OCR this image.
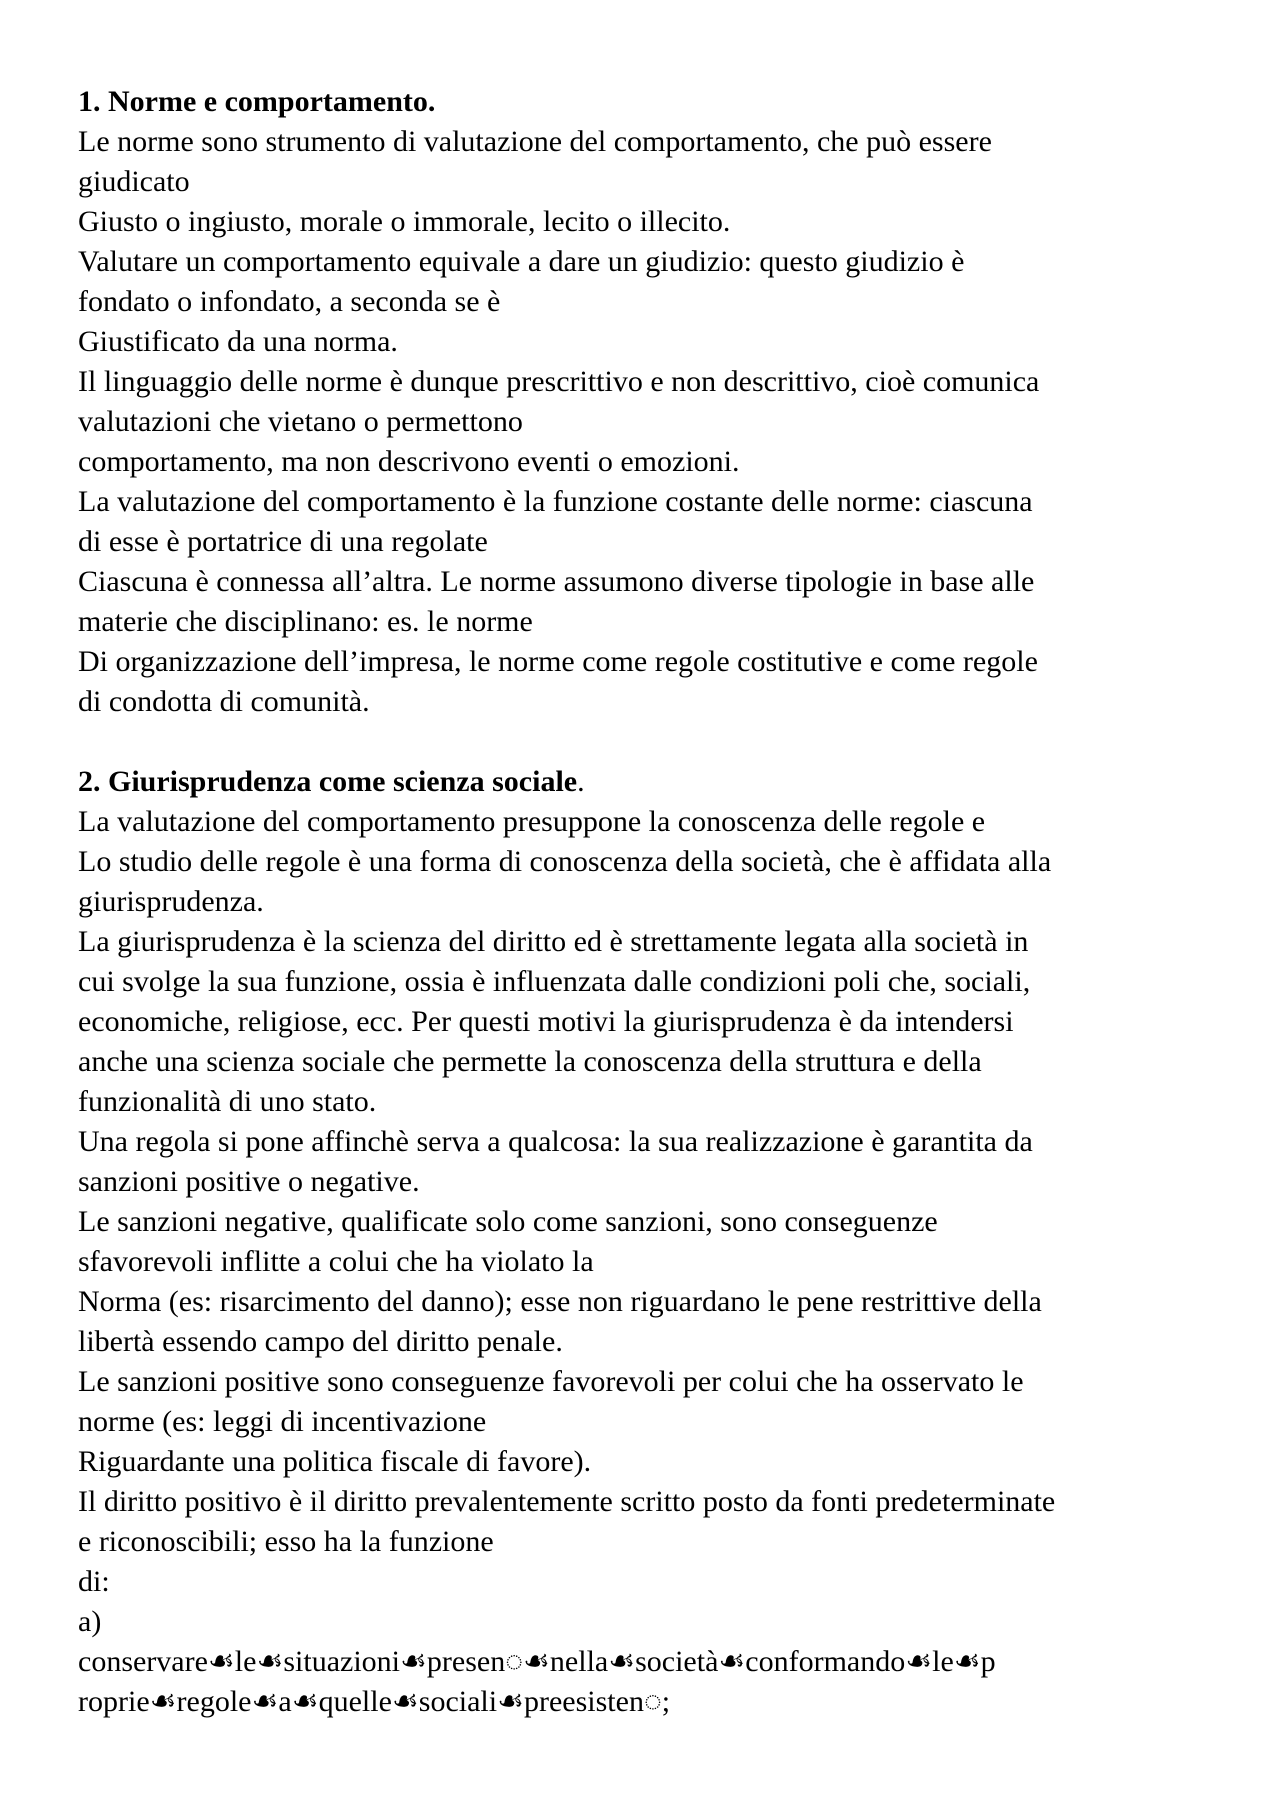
1. Norme e comportamento.
Le norme sono strumento di valutazione del comportamento, che può essere
giudicato
Giusto o ingiusto, morale o immorale, lecito o illecito.
Valutare un comportamento equivale a dare un giudizio: questo giudizio è
fondato o infondato, a seconda se è
Giustificato da una norma.
Il linguaggio delle norme è dunque prescrittivo e non descrittivo, cioè comunica
valutazioni che vietano o permettono
comportamento, ma non descrivono eventi o emozioni.
La valutazione del comportamento è la funzione costante delle norme: ciascuna
di esse è portatrice di una regolate
Ciascuna è connessa all’altra. Le norme assumono diverse tipologie in base alle
materie che disciplinano: es. le norme
Di organizzazione dell’impresa, le norme come regole costitutive e come regole
di condotta di comunità.
2. Giurisprudenza come scienza sociale.
La valutazione del comportamento presuppone la conoscenza delle regole e
Lo studio delle regole è una forma di conoscenza della società, che è affidata alla
giurisprudenza.
La giurisprudenza è la scienza del diritto ed è strettamente legata alla società in
cui svolge la sua funzione, ossia è influenzata dalle condizioni poli che, sociali,
economiche, religiose, ecc. Per questi motivi la giurisprudenza è da intendersi
anche una scienza sociale che permette la conoscenza della struttura e della
funzionalità di uno stato.
Una regola si pone affinchè serva a qualcosa: la sua realizzazione è garantita da
sanzioni positive o negative.
Le sanzioni negative, qualificate solo come sanzioni, sono conseguenze
sfavorevoli inflitte a colui che ha violato la
Norma (es: risarcimento del danno); esse non riguardano le pene restrittive della
libertà essendo campo del diritto penale.
Le sanzioni positive sono conseguenze favorevoli per colui che ha osservato le
norme (es: leggi di incentivazione
Riguardante una politica fiscale di favore).
Il diritto positivo è il diritto prevalentemente scritto posto da fonti predeterminate
e riconoscibili; esso ha la funzione
di:
a)
conservare☙le☙situazioni☙presen◌☙nella☙società☙conformando☙le☙p
roprie☙regole☙a☙quelle☙sociali☙preesisten◌;
